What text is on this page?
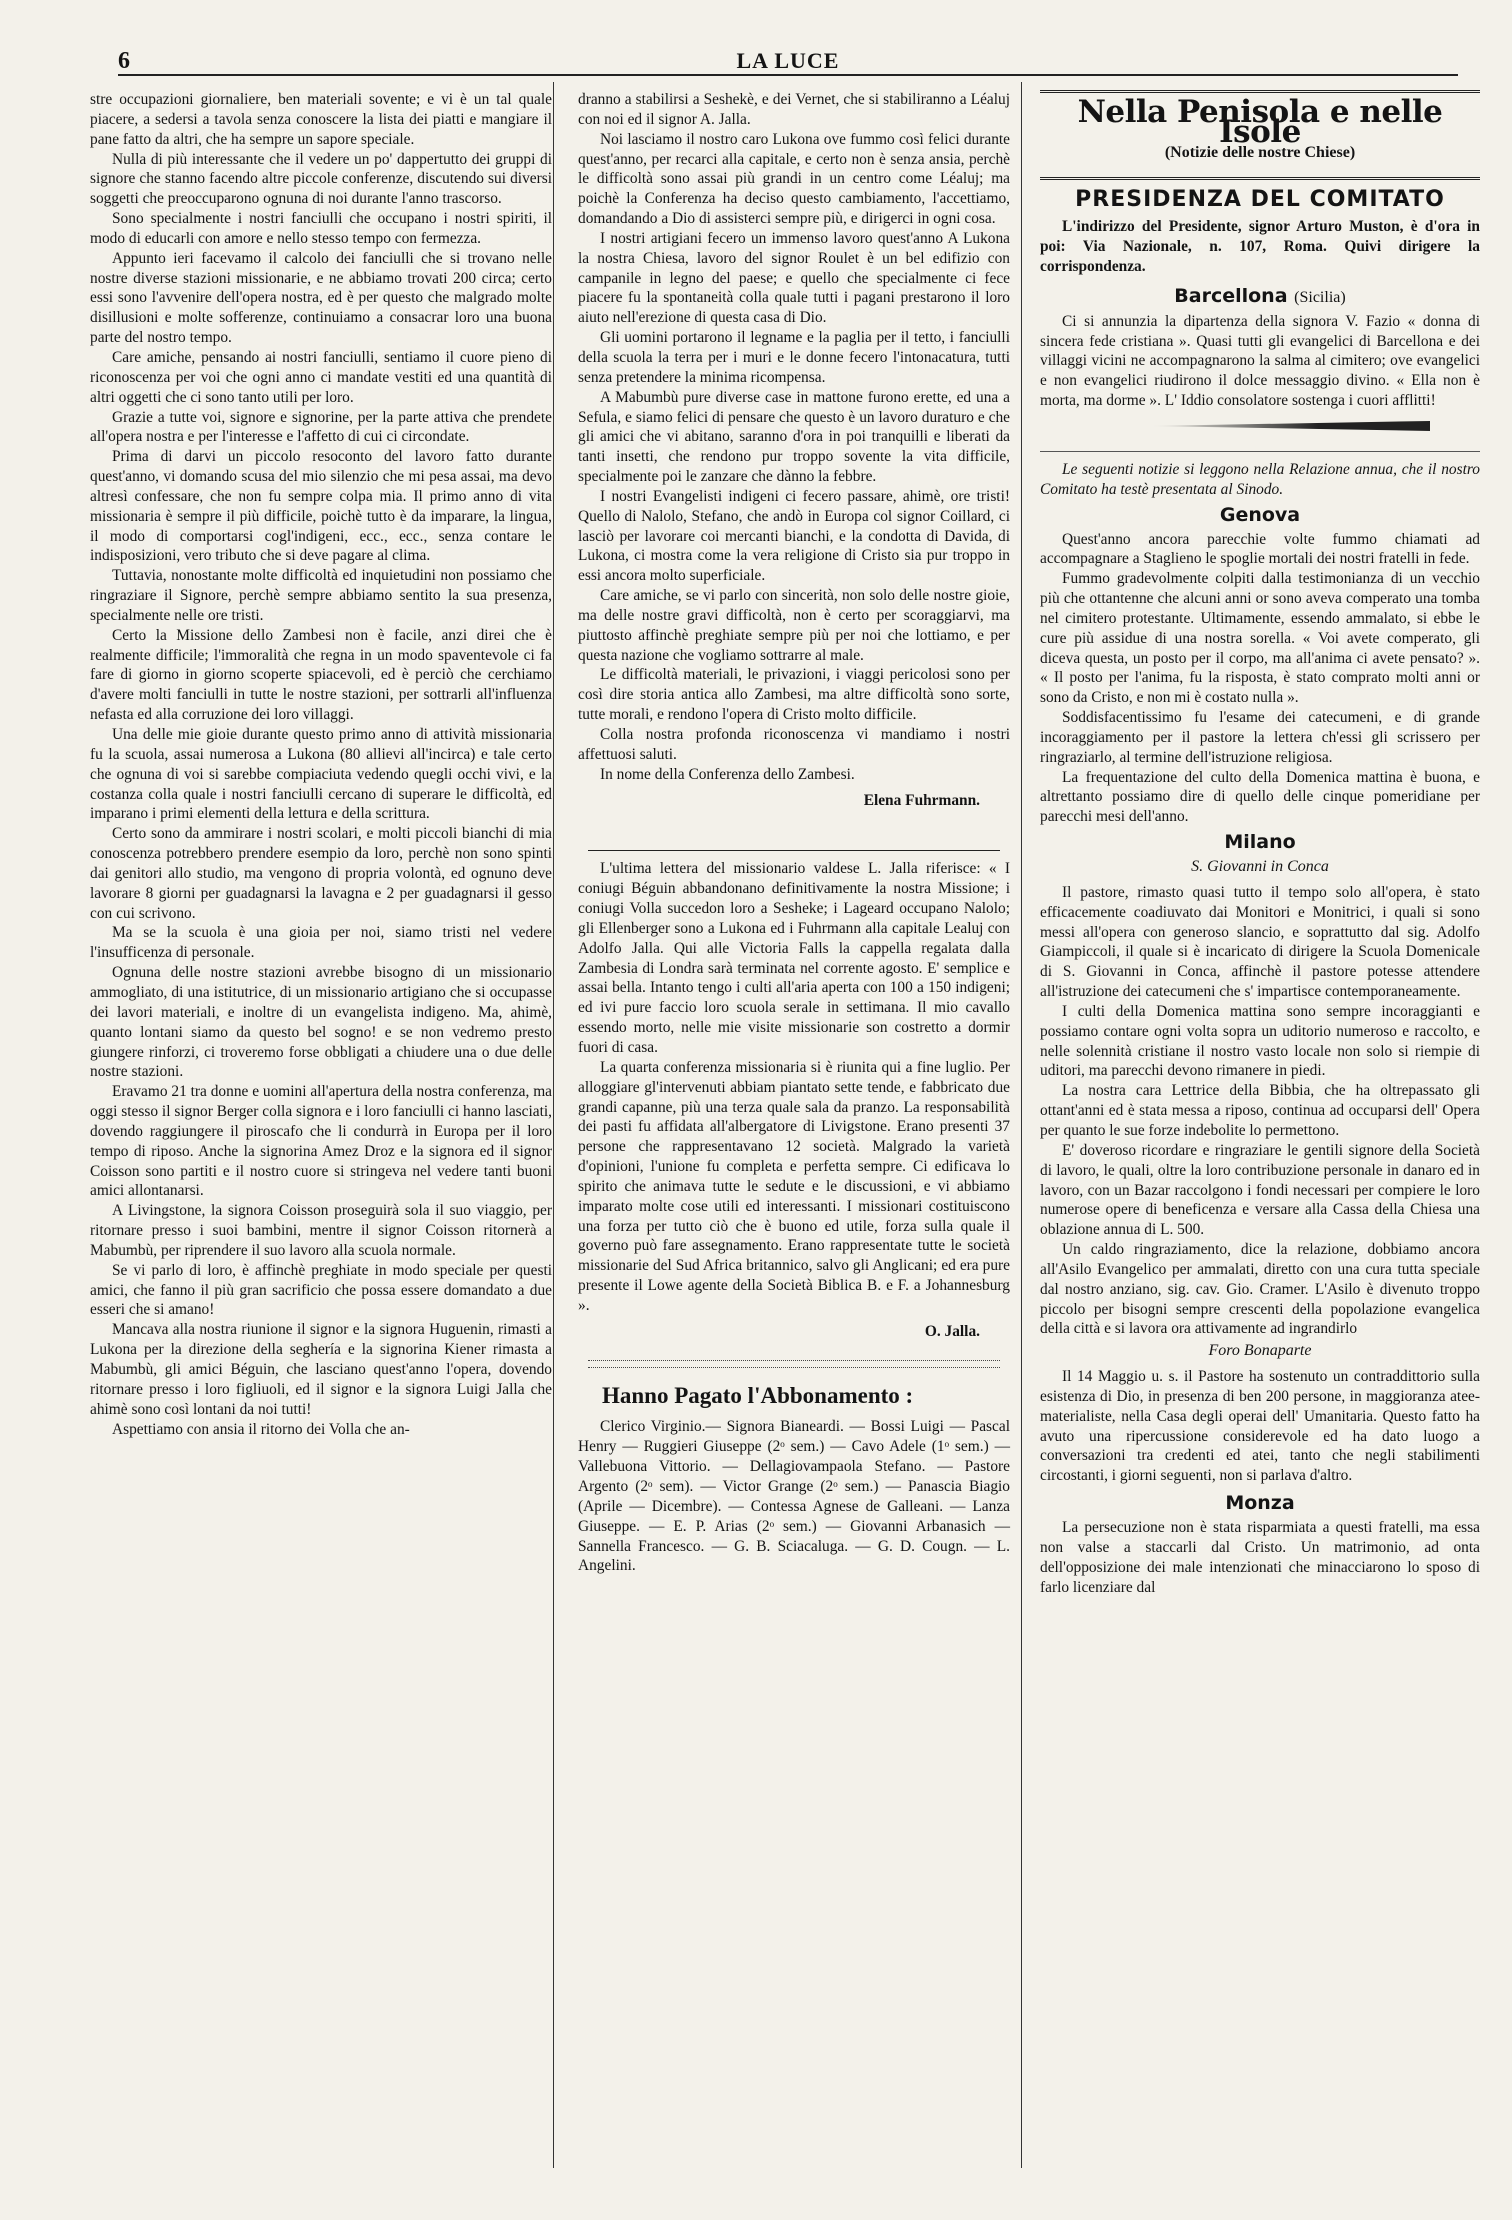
6	LA LUCE

stre occupazioni giornaliere, ben materiali sovente; e vi è un tal quale piacere, a sedersi a tavola senza conoscere la lista dei piatti e mangiare il pane fatto da altri, che ha sempre un sapore speciale.

Nulla di più interessante che il vedere un po' dappertutto dei gruppi di signore che stanno facendo altre piccole conferenze, discutendo sui diversi soggetti che preoccuparono ognuna di noi durante l'anno trascorso.

Sono specialmente i nostri fanciulli che occupano i nostri spiriti, il modo di educarli con amore e nello stesso tempo con fermezza.

Appunto ieri facevamo il calcolo dei fanciulli che si trovano nelle nostre diverse stazioni missionarie, e ne abbiamo trovati 200 circa; certo essi sono l'avvenire dell'opera nostra, ed è per questo che malgrado molte disillusioni e molte sofferenze, continuiamo a consacrar loro una buona parte del nostro tempo.

Care amiche, pensando ai nostri fanciulli, sentiamo il cuore pieno di riconoscenza per voi che ogni anno ci mandate vestiti ed una quantità di altri oggetti che ci sono tanto utili per loro.

Grazie a tutte voi, signore e signorine, per la parte attiva che prendete all'opera nostra e per l'interesse e l'affetto di cui ci circondate.

Prima di darvi un piccolo resoconto del lavoro fatto durante quest'anno, vi domando scusa del mio silenzio che mi pesa assai, ma devo altresì confessare, che non fu sempre colpa mia. Il primo anno di vita missionaria è sempre il più difficile, poichè tutto è da imparare, la lingua, il modo di comportarsi cogl'indigeni, ecc., ecc., senza contare le indisposizioni, vero tributo che si deve pagare al clima.

Tuttavia, nonostante molte difficoltà ed inquietudini non possiamo che ringraziare il Signore, perchè sempre abbiamo sentito la sua presenza, specialmente nelle ore tristi.

Certo la Missione dello Zambesi non è facile, anzi direi che è realmente difficile; l'immoralità che regna in un modo spaventevole ci fa fare di giorno in giorno scoperte spiacevoli, ed è perciò che cerchiamo d'avere molti fanciulli in tutte le nostre stazioni, per sottrarli all'influenza nefasta ed alla corruzione dei loro villaggi.

Una delle mie gioie durante questo primo anno di attività missionaria fu la scuola, assai numerosa a Lukona (80 allievi all'incirca) e tale certo che ognuna di voi si sarebbe compiaciuta vedendo quegli occhi vivi, e la costanza colla quale i nostri fanciulli cercano di superare le difficoltà, ed imparano i primi elementi della lettura e della scrittura.

Certo sono da ammirare i nostri scolari, e molti piccoli bianchi di mia conoscenza potrebbero prendere esempio da loro, perchè non sono spinti dai genitori allo studio, ma vengono di propria volontà, ed ognuno deve lavorare 8 giorni per guadagnarsi la lavagna e 2 per guadagnarsi il gesso con cui scrivono.

Ma se la scuola è una gioia per noi, siamo tristi nel vedere l'insufficenza di personale.

Ognuna delle nostre stazioni avrebbe bisogno di un missionario ammogliato, di una istitutrice, di un missionario artigiano che si occupasse dei lavori materiali, e inoltre di un evangelista indigeno. Ma, ahimè, quanto lontani siamo da questo bel sogno! e se non vedremo presto giungere rinforzi, ci troveremo forse obbligati a chiudere una o due delle nostre stazioni.

Eravamo 21 tra donne e uomini all'apertura della nostra conferenza, ma oggi stesso il signor Berger colla signora e i loro fanciulli ci hanno lasciati, dovendo raggiungere il piroscafo che li condurrà in Europa per il loro tempo di riposo. Anche la signorina Amez Droz e la signora ed il signor Coisson sono partiti e il nostro cuore si stringeva nel vedere tanti buoni amici allontanarsi.

A Livingstone, la signora Coisson proseguirà sola il suo viaggio, per ritornare presso i suoi bambini, mentre il signor Coisson ritornerà a Mabumbù, per riprendere il suo lavoro alla scuola normale.

Se vi parlo di loro, è affinchè preghiate in modo speciale per questi amici, che fanno il più gran sacrificio che possa essere domandato a due esseri che si amano!

Mancava alla nostra riunione il signor e la signora Huguenin, rimasti a Lukona per la direzione della seghería e la signorina Kiener rimasta a Mabumbù, gli amici Béguin, che lasciano quest'anno l'opera, dovendo ritornare presso i loro figliuoli, ed il signor e la signora Luigi Jalla che ahimè sono così lontani da noi tutti!

Aspettiamo con ansia il ritorno dei Volla che an-

dranno a stabilirsi a Seshekè, e dei Vernet, che si stabiliranno a Léaluj con noi ed il signor A. Jalla.

Noi lasciamo il nostro caro Lukona ove fummo così felici durante quest'anno, per recarci alla capitale, e certo non è senza ansia, perchè le difficoltà sono assai più grandi in un centro come Léaluj; ma poichè la Conferenza ha deciso questo cambiamento, l'accettiamo, domandando a Dio di assisterci sempre più, e dirigerci in ogni cosa.

I nostri artigiani fecero un immenso lavoro quest'anno A Lukona la nostra Chiesa, lavoro del signor Roulet è un bel edifizio con campanile in legno del paese; e quello che specialmente ci fece piacere fu la spontaneità colla quale tutti i pagani prestarono il loro aiuto nell'erezione di questa casa di Dio.

Gli uomini portarono il legname e la paglia per il tetto, i fanciulli della scuola la terra per i muri e le donne fecero l'intonacatura, tutti senza pretendere la minima ricompensa.

A Mabumbù pure diverse case in mattone furono erette, ed una a Sefula, e siamo felici di pensare che questo è un lavoro duraturo e che gli amici che vi abitano, saranno d'ora in poi tranquilli e liberati da tanti insetti, che rendono pur troppo sovente la vita difficile, specialmente poi le zanzare che dànno la febbre.

I nostri Evangelisti indigeni ci fecero passare, ahimè, ore tristi! Quello di Nalolo, Stefano, che andò in Europa col signor Coillard, ci lasciò per lavorare coi mercanti bianchi, e la condotta di Davida, di Lukona, ci mostra come la vera religione di Cristo sia pur troppo in essi ancora molto superficiale.

Care amiche, se vi parlo con sincerità, non solo delle nostre gioie, ma delle nostre gravi difficoltà, non è certo per scoraggiarvi, ma piuttosto affinchè preghiate sempre più per noi che lottiamo, e per questa nazione che vogliamo sottrarre al male.

Le difficoltà materiali, le privazioni, i viaggi pericolosi sono per così dire storia antica allo Zambesi, ma altre difficoltà sono sorte, tutte morali, e rendono l'opera di Cristo molto difficile.

Colla nostra profonda riconoscenza vi mandiamo i nostri affettuosi saluti.

In nome della Conferenza dello Zambesi.

Elena Fuhrmann.

L'ultima lettera del missionario valdese L. Jalla riferisce: « I coniugi Béguin abbandonano definitivamente la nostra Missione; i coniugi Volla succedon loro a Sesheke; i Lageard occupano Nalolo; gli Ellenberger sono a Lukona ed i Fuhrmann alla capitale Lealuj con Adolfo Jalla. Qui alle Victoria Falls la cappella regalata dalla Zambesia di Londra sarà terminata nel corrente agosto. E' semplice e assai bella. Intanto tengo i culti all'aria aperta con 100 a 150 indigeni; ed ivi pure faccio loro scuola serale in settimana. Il mio cavallo essendo morto, nelle mie visite missionarie son costretto a dormir fuori di casa.

La quarta conferenza missionaria si è riunita qui a fine luglio. Per alloggiare gl'intervenuti abbiam piantato sette tende, e fabbricato due grandi capanne, più una terza quale sala da pranzo. La responsabilità dei pasti fu affidata all'albergatore di Livigstone. Erano presenti 37 persone che rappresentavano 12 società. Malgrado la varietà d'opinioni, l'unione fu completa e perfetta sempre. Ci edificava lo spirito che animava tutte le sedute e le discussioni, e vi abbiamo imparato molte cose utili ed interessanti. I missionari costituiscono una forza per tutto ciò che è buono ed utile, forza sulla quale il governo può fare assegnamento. Erano rappresentate tutte le società missionarie del Sud Africa britannico, salvo gli Anglicani; ed era pure presente il Lowe agente della Società Biblica B. e F. a Johannesburg ».

O. Jalla.

Hanno Pagato l'Abbonamento :

Clerico Virginio.— Signora Bianeardi. — Bossi Luigi — Pascal Henry — Ruggieri Giuseppe (2ᵒ sem.) — Cavo Adele (1ᵒ sem.) — Vallebuona Vittorio. — Dellagiovampaola Stefano. — Pastore Argento (2ᵒ sem). — Victor Grange (2ᵒ sem.) — Panascia Biagio (Aprile — Dicembre). — Contessa Agnese de Galleani. — Lanza Giuseppe. — E. P. Arias (2ᵒ sem.) — Giovanni Arbanasich — Sannella Francesco. — G. B. Sciacaluga. — G. D. Cougn. — L. Angelini.

Nella Penisola e nelle Isole
(Notizie delle nostre Chiese)
PRESIDENZA DEL COMITATO

L'indirizzo del Presidente, signor Arturo Muston, è d'ora in poi: Via Nazionale, n. 107, Roma. Quivi dirigere la corrispondenza.

Barcellona (Sicilia)

Ci si annunzia la dipartenza della signora V. Fazio « donna di sincera fede cristiana ». Quasi tutti gli evangelici di Barcellona e dei villaggi vicini ne accompagnarono la salma al cimitero; ove evangelici e non evangelici riudirono il dolce messaggio divino. « Ella non è morta, ma dorme ». L' Iddio consolatore sostenga i cuori afflitti!

Le seguenti notizie si leggono nella Relazione annua, che il nostro Comitato ha testè presentata al Sinodo.

Genova

Quest'anno ancora parecchie volte fummo chiamati ad accompagnare a Staglieno le spoglie mortali dei nostri fratelli in fede.

Fummo gradevolmente colpiti dalla testimonianza di un vecchio più che ottantenne che alcuni anni or sono aveva comperato una tomba nel cimitero protestante. Ultimamente, essendo ammalato, si ebbe le cure più assidue di una nostra sorella. « Voi avete comperato, gli diceva questa, un posto per il corpo, ma all'anima ci avete pensato? ». « Il posto per l'anima, fu la risposta, è stato comprato molti anni or sono da Cristo, e non mi è costato nulla ».

Soddisfacentissimo fu l'esame dei catecumeni, e di grande incoraggiamento per il pastore la lettera ch'essi gli scrissero per ringraziarlo, al termine dell'istruzione religiosa.

La frequentazione del culto della Domenica mattina è buona, e altrettanto possiamo dire di quello delle cinque pomeridiane per parecchi mesi dell'anno.

Milano
S. Giovanni in Conca

Il pastore, rimasto quasi tutto il tempo solo all'opera, è stato efficacemente coadiuvato dai Monitori e Monitrici, i quali si sono messi all'opera con generoso slancio, e soprattutto dal sig. Adolfo Giampiccoli, il quale si è incaricato di dirigere la Scuola Domenicale di S. Giovanni in Conca, affinchè il pastore potesse attendere all'istruzione dei catecumeni che s' impartisce contemporaneamente.

I culti della Domenica mattina sono sempre incoraggianti e possiamo contare ogni volta sopra un uditorio numeroso e raccolto, e nelle solennità cristiane il nostro vasto locale non solo si riempie di uditori, ma parecchi devono rimanere in piedi.

La nostra cara Lettrice della Bibbia, che ha oltrepassato gli ottant'anni ed è stata messa a riposo, continua ad occuparsi dell' Opera per quanto le sue forze indebolite lo permettono.

E' doveroso ricordare e ringraziare le gentili signore della Società di lavoro, le quali, oltre la loro contribuzione personale in danaro ed in lavoro, con un Bazar raccolgono i fondi necessari per compiere le loro numerose opere di beneficenza e versare alla Cassa della Chiesa una oblazione annua di L. 500.

Un caldo ringraziamento, dice la relazione, dobbiamo ancora all'Asilo Evangelico per ammalati, diretto con una cura tutta speciale dal nostro anziano, sig. cav. Gio. Cramer. L'Asilo è divenuto troppo piccolo per bisogni sempre crescenti della popolazione evangelica della città e si lavora ora attivamente ad ingrandirlo

Foro Bonaparte

Il 14 Maggio u. s. il Pastore ha sostenuto un contraddittorio sulla esistenza di Dio, in presenza di ben 200 persone, in maggioranza atee-materialiste, nella Casa degli operai dell' Umanitaria. Questo fatto ha avuto una ripercussione considerevole ed ha dato luogo a conversazioni tra credenti ed atei, tanto che negli stabilimenti circostanti, i giorni seguenti, non si parlava d'altro.

Monza

La persecuzione non è stata risparmiata a questi fratelli, ma essa non valse a staccarli dal Cristo. Un matrimonio, ad onta dell'opposizione dei male intenzionati che minacciarono lo sposo di farlo licenziare dal
